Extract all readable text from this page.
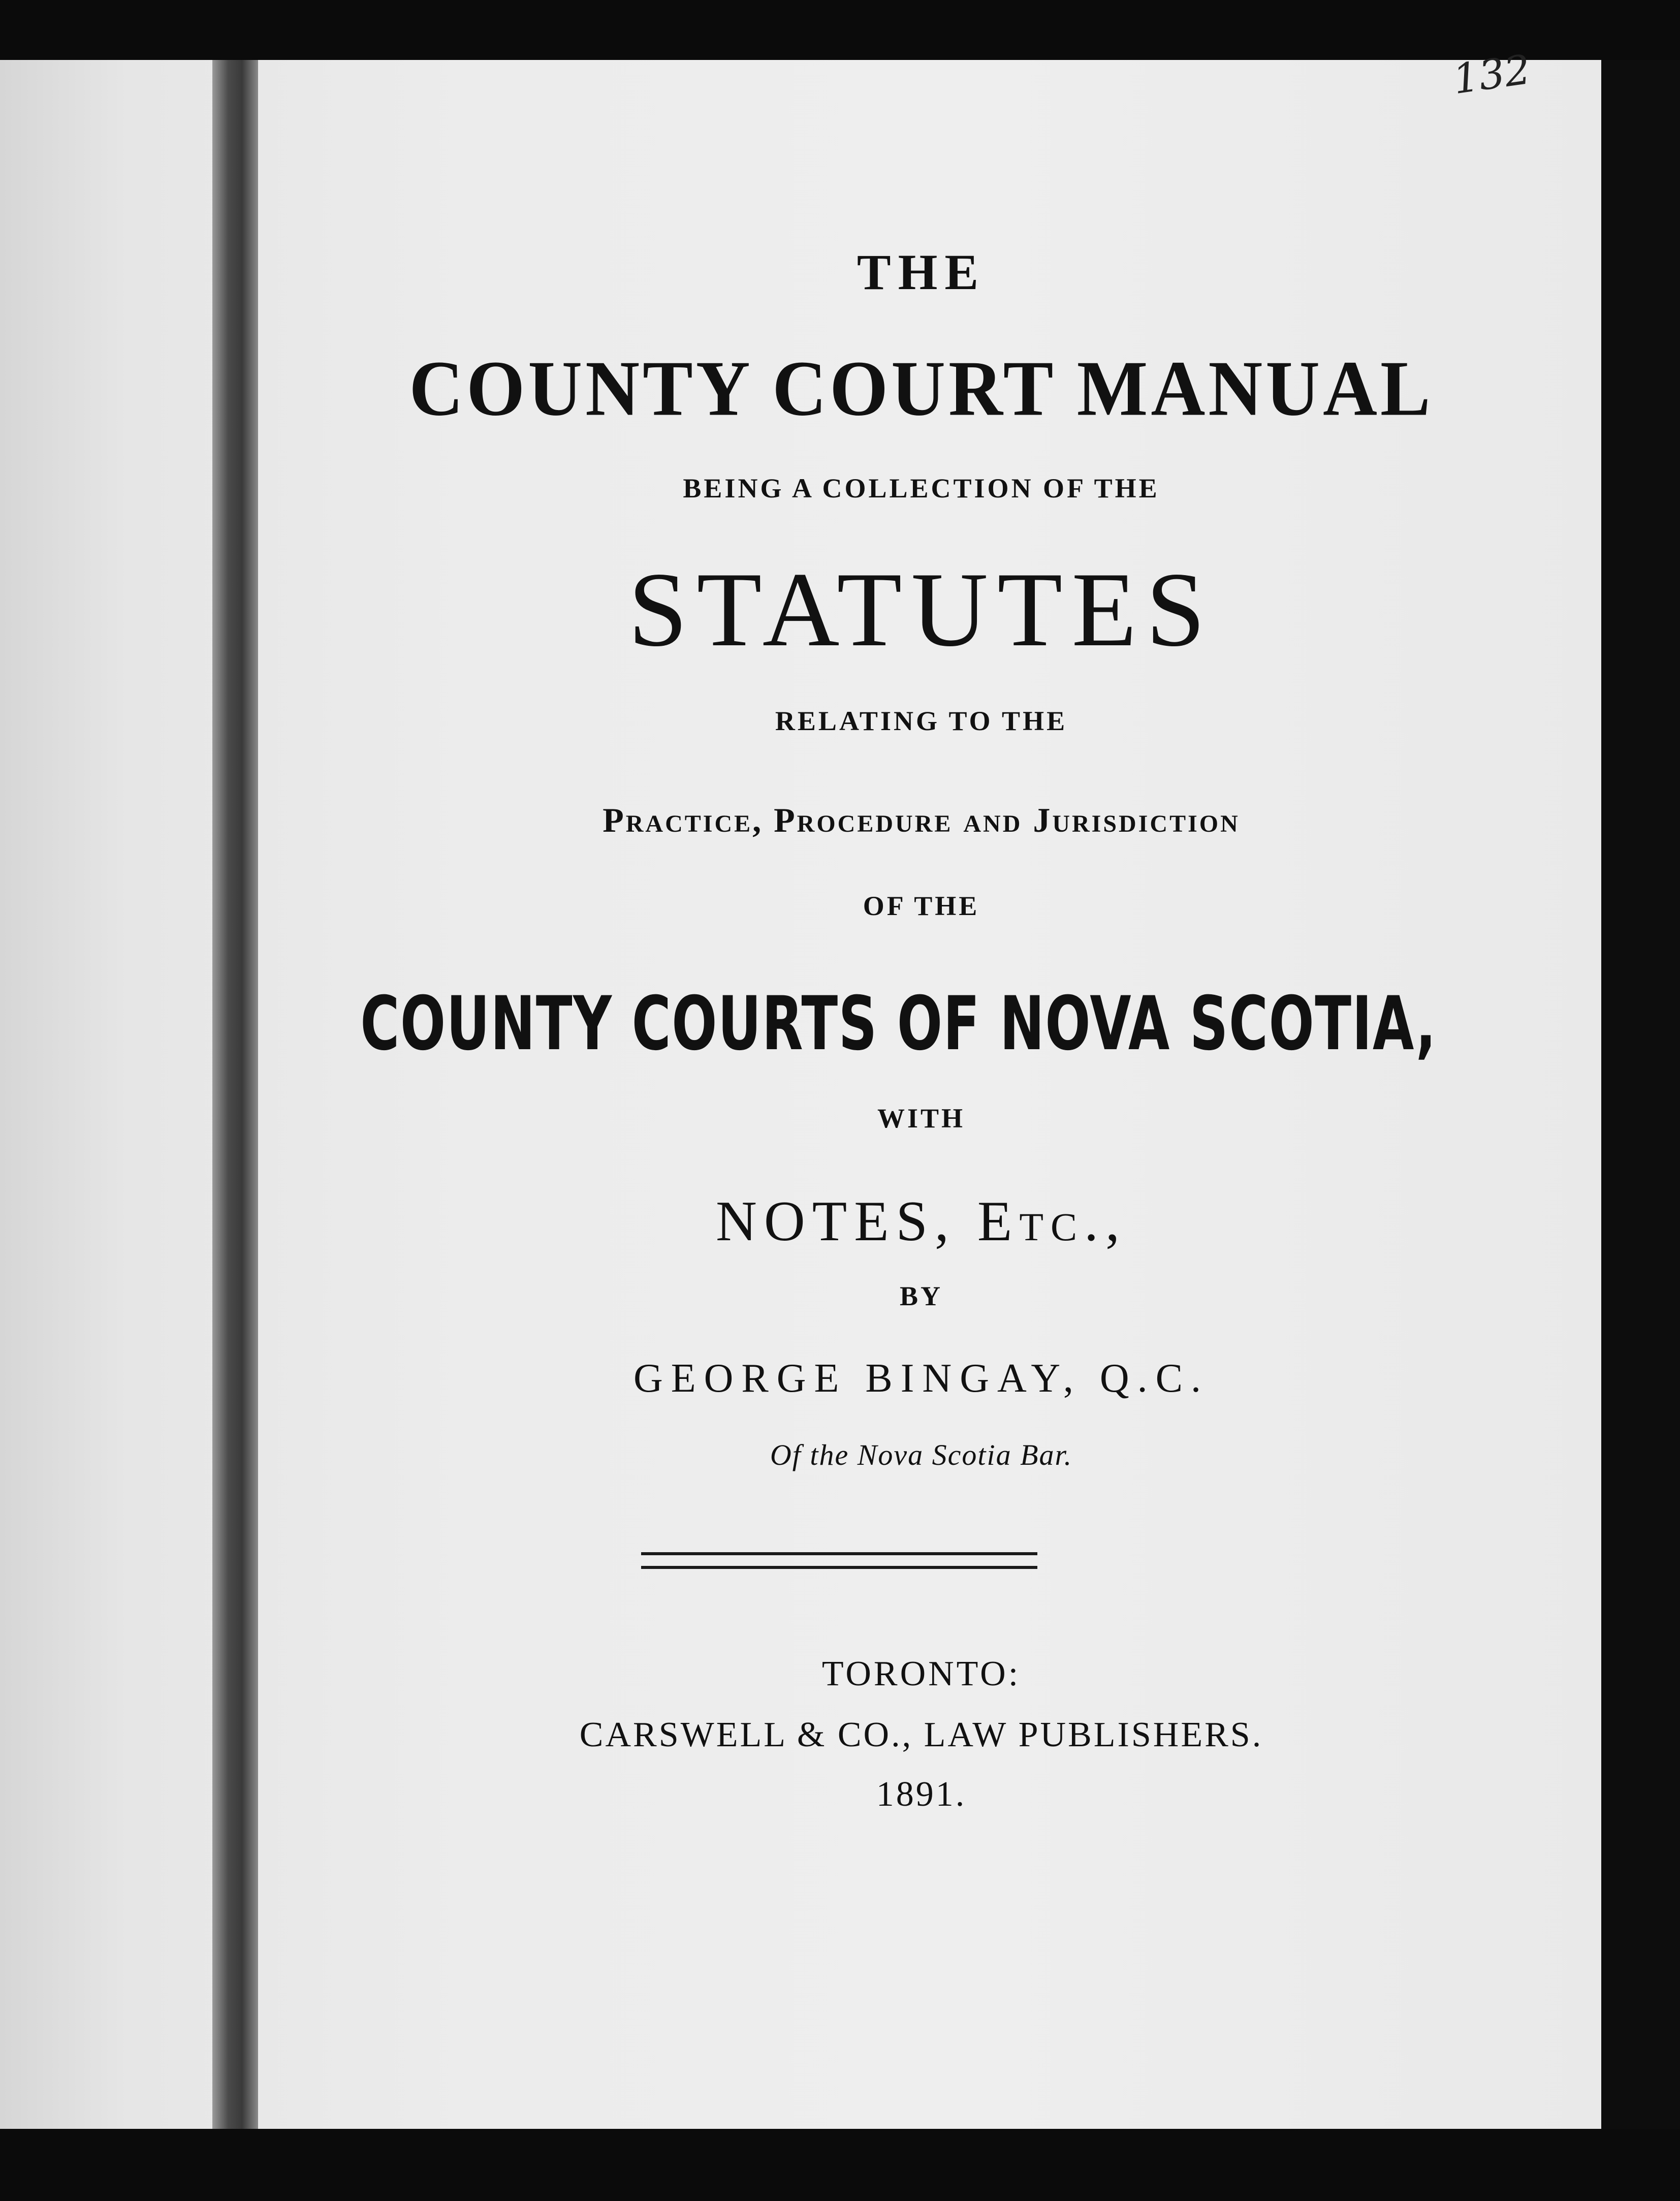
132
THE
COUNTY COURT MANUAL
BEING A COLLECTION OF THE
STATUTES
RELATING TO THE
Practice, Procedure and Jurisdiction
OF THE
COUNTY COURTS OF NOVA SCOTIA,
WITH
NOTES, Etc.,
BY
GEORGE BINGAY, Q.C.
Of the Nova Scotia Bar.
TORONTO:
CARSWELL & CO., LAW PUBLISHERS.
1891.
